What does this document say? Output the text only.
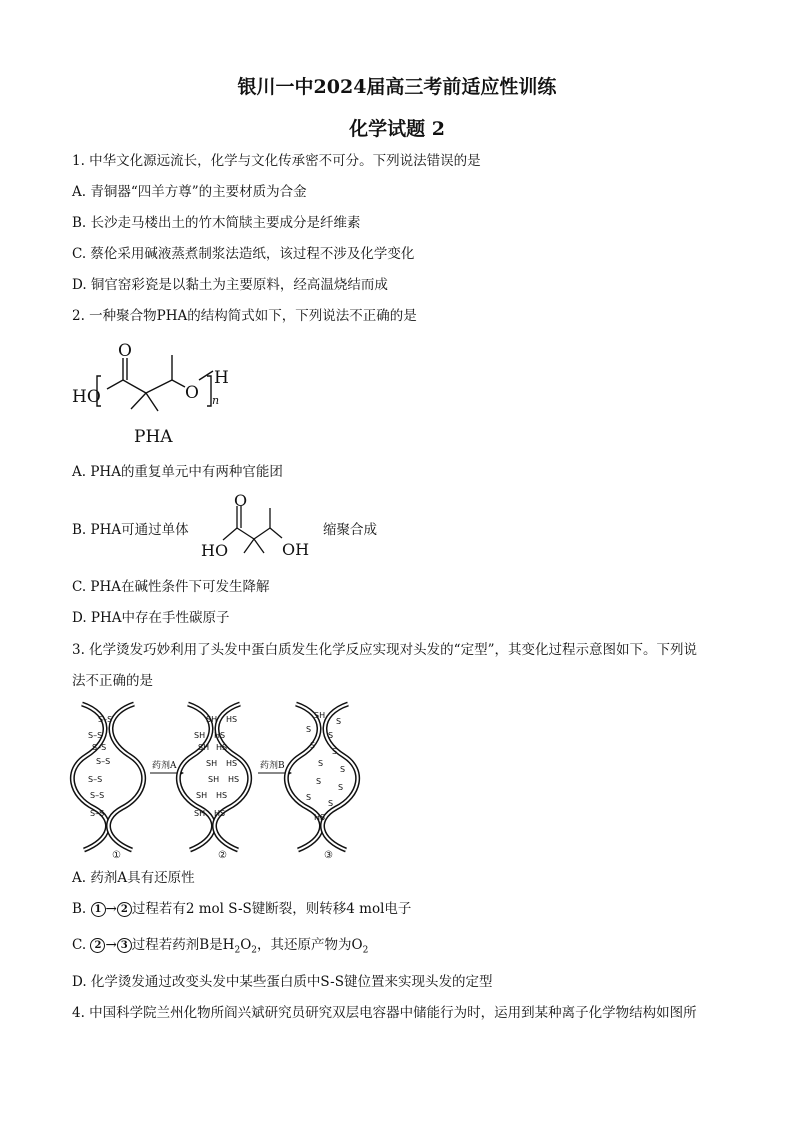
银川一中2024届高三考前适应性训练
化学试题 2
1. 中华文化源远流长，化学与文化传承密不可分。下列说法错误的是
A. 青铜器“四羊方尊”的主要材质为合金
B. 长沙走马楼出土的竹木简牍主要成分是纤维素
C. 蔡伦采用碱液蒸煮制浆法造纸，该过程不涉及化学变化
D. 铜官窑彩瓷是以黏土为主要原料，经高温烧结而成
2. 一种聚合物PHA的结构简式如下，下列说法不正确的是
HO
O
O
H
n
PHA
A. PHA的重复单元中有两种官能团
B. PHA可通过单体
O
HO	OH
缩聚合成
C. PHA在碱性条件下可发生降解
D. PHA中存在手性碳原子
3. 化学烫发巧妙利用了头发中蛋白质发生化学反应实现对头发的“定型”，其变化过程示意图如下。下列说
法不正确的是
S–S
S–S
S–S
S–S
S–S
S–S
S–S
①
药剂A
SH HS
SH HS
SH HS
SH HS
SH HS
SH HS
SH HS
②
药剂B
SH
S
S
S
S
S
S
S
S
S
S
S
HS
③
A. 药剂A具有还原性
B. 1 → 2 过程若有2 mol S-S键断裂，则转移4 mol电子
C. 2 → 3 过程若药剂B是$H_2O_2$，其还原产物为$O_2$
D. 化学烫发通过改变头发中某些蛋白质中S-S键位置来实现头发的定型
4. 中国科学院兰州化物所阎兴斌研究员研究双层电容器中储能行为时，运用到某种离子化学物结构如图所
